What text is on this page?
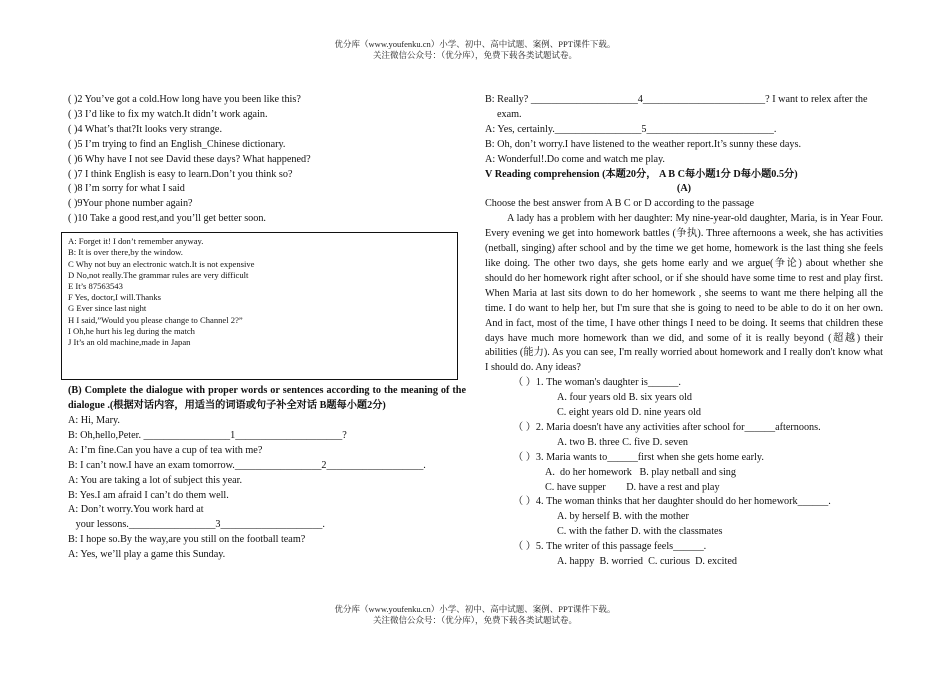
优分库（www.youfenku.cn）小学、初中、高中试题、案例、PPT课件下载。
关注微信公众号：（优分库），免费下载各类试题试卷。
( )2 You’ve got a cold.How long have you been like this?
( )3 I’d like to fix my watch.It didn’t work again.
( )4 What’s that?It looks very strange.
( )5 I’m trying to find an English_Chinese dictionary.
( )6 Why have I not see David these days? What happened?
( )7 I think English is easy to learn.Don’t you think so?
( )8 I’m sorry for what I said
( )9Your phone number again?
( )10 Take a good rest,and you’ll get better soon.
A: Forget it! I don’t remember anyway.
B: It is over there,by the window.
C Why not buy an electronic watch.It is not expensive
D No,not really.The grammar rules are very difficult
E It’s 87563543
F Yes, doctor,I will.Thanks
G Ever since last night
H I said,”Would you please change to Channel 2?”
I Oh,he hurt his leg during the match
J It’s an old machine,made in Japan
(B) Complete the dialogue with proper words or sentences according to the meaning of the dialogue .(根据对话内容，用适当的词语或句子补全对话 B题每小题2分)
A: Hi, Mary.
B: Oh,hello,Peter. _________________1_____________________?
A: I’m fine.Can you have a cup of tea with me?
B: I can’t now.I have an exam tomorrow._________________2___________________.
A: You are taking a lot of subject this year.
B: Yes.I am afraid I can’t do them well.
A: Don’t worry.You work hard at
your lessons._________________3____________________.
B: I hope so.By the way,are you still on the football team?
A: Yes, we’ll play a game this Sunday.
B: Really? _____________________4________________________? I want to relex after the exam.
A: Yes, certainly._________________5_________________________.
B: Oh, don’t worry.I have listened to the weather report.It’s sunny these days.
A: Wonderful!.Do come and watch me play.
V Reading comprehension (本题20分， A B C每小题1分 D每小题0.5分)
(A)
Choose the best answer from A B C or D according to the passage
A lady has a problem with her daughter: My nine-year-old daughter, Maria, is in Year Four. Every evening we get into homework battles (争执). Three afternoons a week, she has activities (netball, singing) after school and by the time we get home, homework is the last thing she feels like doing. The other two days, she gets home early and we argue(争论) about whether she should do her homework right after school, or if she should have some time to rest and play first. When Maria at last sits down to do her homework , she seems to want me there helping all the time. I do want to help her, but I'm sure that she is going to need to be able to do it on her own. And in fact, most of the time, I have other things I need to be doing. It seems that children these days have much more homework than we did, and some of it is really beyond (超越) their abilities (能力). As you can see, I'm really worried about homework and I really don't know what I should do. Any ideas?
（ ）1. The woman's daughter is______.
A. four years old B. six years old
C. eight years old D. nine years old
（ ）2. Maria doesn't have any activities after school for______afternoons.
A. two B. three C. five D. seven
（ ）3. Maria wants to______first when she gets home early.
A.  do her homework   B. play netball and sing
C. have supper        D. have a rest and play
（ ）4. The woman thinks that her daughter should do her homework______.
A. by herself B. with the mother
C. with the father D. with the classmates
（ ）5. The writer of this passage feels______.
A. happy  B. worried  C. curious  D. excited
优分库（www.youfenku.cn）小学、初中、高中试题、案例、PPT课件下载。
关注微信公众号：（优分库），免费下载各类试题试卷。
